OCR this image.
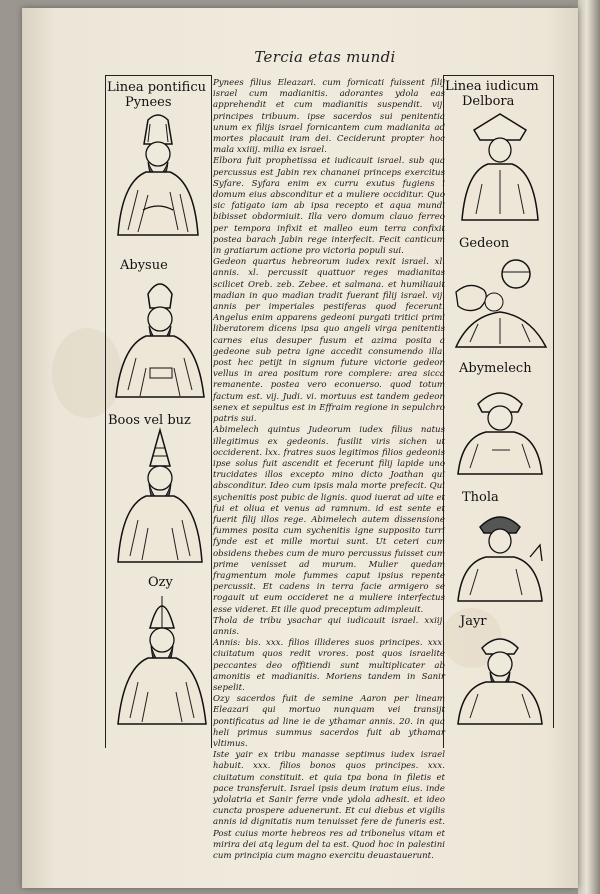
Tercia etas mundi
Linea pontificu
Pynees
Abysue
Boos vel buz
Ozy
Linea iudicum
Delbora
Gedeon
Abymelech
Thola
Jayr

Pynees filius Eleazari. cum fornicati fuissent filij israel cum madianitis. adorantes ydola eas apprehendit et cum madianitis suspendit. vij. principes tribuum. ipse sacerdos sui penitentia unum ex filijs israel fornicantem cum madianita ad mortes placauit iram dei. Ceciderunt propter hoc mala xxiiij. milia ex israel.

Elbora fuit prophetissa et iudicauit israel. sub qua percussus est Jabin rex chananei princeps exercitus Syfare. Syfara enim ex curru exutus fugiens i domum eius absconditur et a muliere occiditur. Quo sic fatigato iam ab ipsa recepto et aqua mundi bibisset obdormiuit. Illa vero domum clauo ferreo per tempora infixit et malleo eum terra confixit postea barach Jabin rege interfecit. Fecit canticum in gratiarum actione pro victoria populi sui.

Gedeon quartus hebreorum iudex rexit israel. xl. annis. xl. percussit quattuor reges madianitas scilicet Oreb. zeb. Zebee. et salmana. et humiliauit madian in quo madian tradit fuerant filij israel. vij. annis per imperiales pestiferas quod fecerunt. Angelus enim apparens gedeoni purgati tritici primi liberatorem dicens ipsa quo angeli virga penitentis carnes eius desuper fusum et azima posita a gedeone sub petra igne accedit consumendo illa. post hec petijt in signum future victorie gedeon vellus in area positum rore complere: area sicca remanente. postea vero econuerso. quod totum factum est. vij. Judi. vi. mortuus est tandem gedeon senex et sepultus est in Effraim regione in sepulchro patris sui.

Abimelech quintus Judeorum iudex filius natus illegitimus ex gedeonis. fusilit viris sichen ut occiderent. lxx. fratres suos legitimos filios gedeonis ipse solus fuit ascendit et fecerunt filij lapide uno trucidates illos excepto mino dicto Joathan qui absconditur. Ideo cum ipsis mala morte prefecit. Qui sychenitis post pubic de lignis. quod iuerat ad uite et fui et oliua et venus ad ramnum. id est sente et fuerit filij illos rege. Abimelech autem dissensione fummes posita cum sychenitis igne supposito turri fynde est et mille mortui sunt. Ut ceteri cum obsidens thebes cum de muro percussus fuisset cum prime venisset ad murum. Mulier quedam fragmentum mole fummes caput ipsius repente percussit. Et cadens in terra facie armigero se rogauit ut eum occideret ne a muliere interfectus esse videret. Et ille quod preceptum adimpleuit.

Thola de tribu ysachar qui iudicauit israel. xxiij. annis.

Annis: bis. xxx. filios illideres suos principes. xxx. ciuitatum quos redit vrores. post quos israelite peccantes deo offitiendi sunt multiplicater ab amonitis et madianitis. Moriens tandem in Sanir sepelit.

Ozy sacerdos fuit de semine Aaron per lineam Eleazari qui mortuo nunquam vei transijt pontificatus ad line ie de ythamar annis. 20. in qua heli primus summus sacerdos fuit ab ythamar vltimus.

Iste yair ex tribu manasse septimus iudex israel habuit. xxx. filios bonos quos principes. xxx. ciuitatum constituit. et quia tpa bona in filetis et pace transferuit. Israel ipsis deum iratum eius. inde ydolatria et Sanir ferre vnde ydola adhesit. et ideo cuncta prospere aduenerunt. Et cui diebus et vigilis annis id dignitatis num tenuisset fere de funeris est. Post cuius morte hebreos res ad tribonelus vitam et mirira dei atq legum del ta est. Quod hoc in palestini cum principia cum magno exercitu deuastauerunt.
